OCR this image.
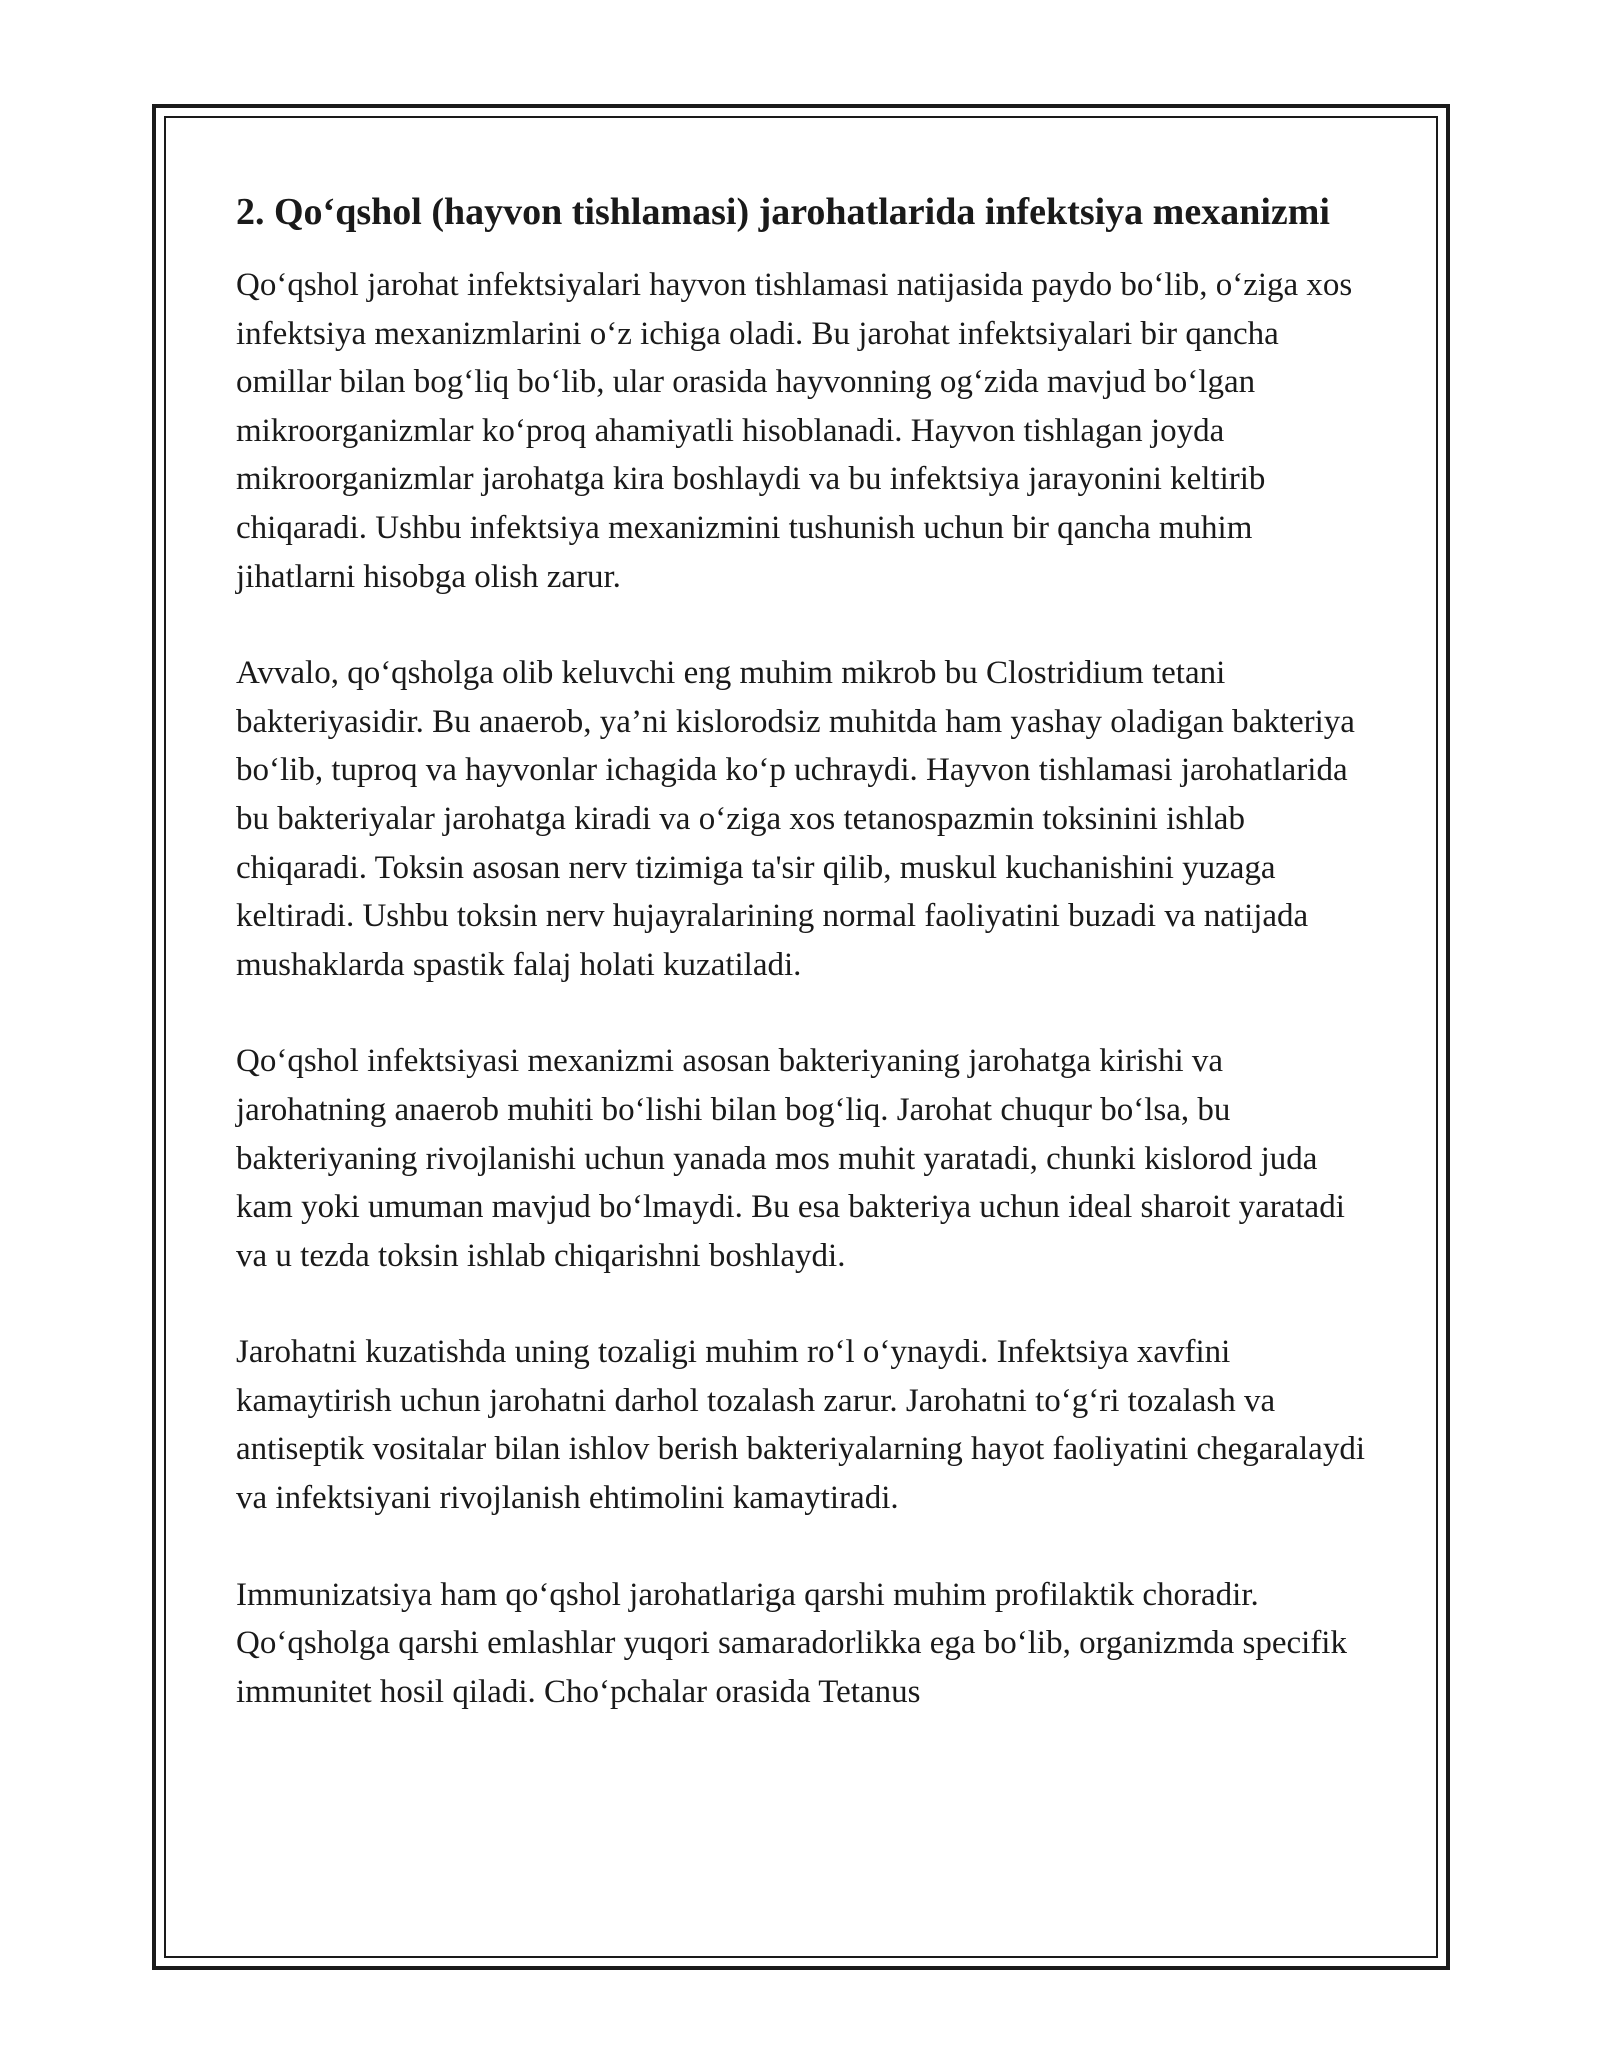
2. Qo‘qshol (hayvon tishlamasi) jarohatlarida infektsiya mexanizmi

Qo‘qshol jarohat infektsiyalari hayvon tishlamasi natijasida paydo bo‘lib, o‘ziga xos infektsiya mexanizmlarini o‘z ichiga oladi. Bu jarohat infektsiyalari bir qancha omillar bilan bog‘liq bo‘lib, ular orasida hayvonning og‘zida mavjud bo‘lgan mikroorganizmlar ko‘proq ahamiyatli hisoblanadi. Hayvon tishlagan joyda mikroorganizmlar jarohatga kira boshlaydi va bu infektsiya jarayonini keltirib chiqaradi. Ushbu infektsiya mexanizmini tushunish uchun bir qancha muhim jihatlarni hisobga olish zarur.

Avvalo, qo‘qsholga olib keluvchi eng muhim mikrob bu Clostridium tetani bakteriyasidir. Bu anaerob, ya’ni kislorodsiz muhitda ham yashay oladigan bakteriya bo‘lib, tuproq va hayvonlar ichagida ko‘p uchraydi. Hayvon tishlamasi jarohatlarida bu bakteriyalar jarohatga kiradi va o‘ziga xos tetanospazmin toksinini ishlab chiqaradi. Toksin asosan nerv tizimiga ta'sir qilib, muskul kuchanishini yuzaga keltiradi. Ushbu toksin nerv hujayralarining normal faoliyatini buzadi va natijada mushaklarda spastik falaj holati kuzatiladi.

Qo‘qshol infektsiyasi mexanizmi asosan bakteriyaning jarohatga kirishi va jarohatning anaerob muhiti bo‘lishi bilan bog‘liq. Jarohat chuqur bo‘lsa, bu bakteriyaning rivojlanishi uchun yanada mos muhit yaratadi, chunki kislorod juda kam yoki umuman mavjud bo‘lmaydi. Bu esa bakteriya uchun ideal sharoit yaratadi va u tezda toksin ishlab chiqarishni boshlaydi.

Jarohatni kuzatishda uning tozaligi muhim ro‘l o‘ynaydi. Infektsiya xavfini kamaytirish uchun jarohatni darhol tozalash zarur. Jarohatni to‘g‘ri tozalash va antiseptik vositalar bilan ishlov berish bakteriyalarning hayot faoliyatini chegaralaydi va infektsiyani rivojlanish ehtimolini kamaytiradi.

Immunizatsiya ham qo‘qshol jarohatlariga qarshi muhim profilaktik choradir. Qo‘qsholga qarshi emlashlar yuqori samaradorlikka ega bo‘lib, organizmda specifik immunitet hosil qiladi. Cho‘pchalar orasida Tetanus
